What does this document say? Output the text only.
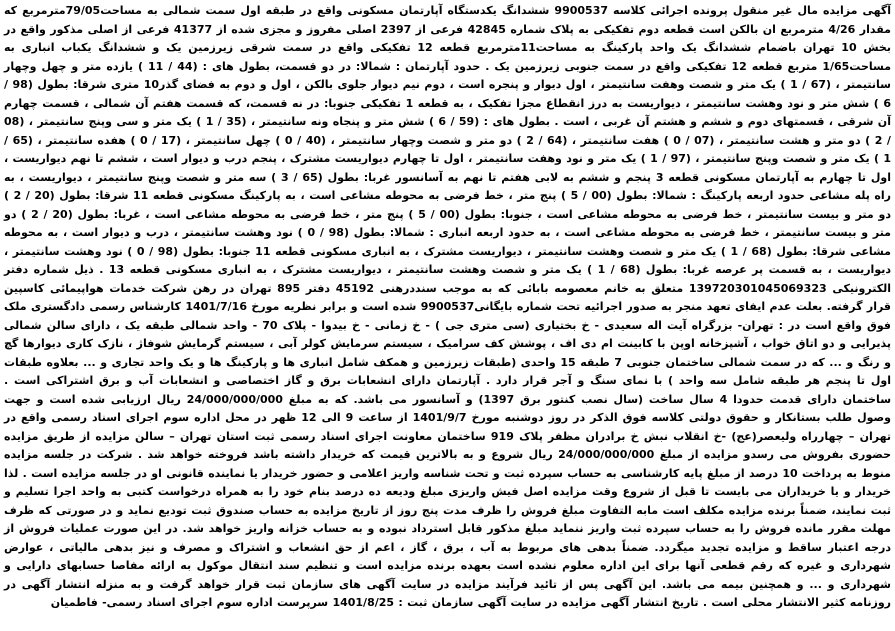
آگهی مزایده مال غیر منقول پرونده اجرائی کلاسه 9900537 ششدانگ یکدستگاه آپارتمان مسکونی واقع در طبقه اول سمت شمالی به مساحت79/05مترمربع که مقدار 4/26 مترمربع ان بالکن است قطعه دوم تفکیکی به پلاک شماره 42845 فرعی از 2397 اصلی مفروز و مجزی شده از 41377 فرعی از اصلی مذکور واقع در بخش 10 تهران باضمام ششدانگ یک واحد پارکینگ به مساحت11مترمربع قطعه 12 تفکیکی واقع در سمت شرقی زیرزمین یک و ششدانگ یکباب انباری به مساحت1/65 متربع قطعه 12 تفکیکی واقع در سمت جنوبی زیرزمین یک . حدود آپارتمان : شمالا: در دو قسمت، بطول های : (44 / 11 ) یازده متر و چهل وچهار سانتیمتر ، (67 / 1 ) یک متر و شصت وهفت سانتیمتر ، اول دیوار و پنجره است ، دوم نیم دیوار جلوی بالکن ، اول و دوم به فضای گذر10 متری شرقا: بطول (98 / 6 ) شش متر و نود وهشت سانتیمتر ، دیواریست به درز انقطاع مجزا تفکیک ، به قطعه 1 تفکیکی جنوبا: در نه قسمت، که قسمت هفتم آن شمالی ، قسمت چهارم آن شرقی ، قسمتهای دوم و ششم و هشتم آن غربی ، است . بطول های : (59 / 6 ) شش متر و پنجاه ونه سانتیمتر ، (35 / 1 ) یک متر و سی وپنج سانتیمتر ، (08 / 2 ) دو متر و هشت سانتیمتر ، (07 / 0 ) هفت سانتیمتر ، (64 / 2 ) دو متر و شصت وچهار سانتیمتر ، (40 / 0 ) چهل سانتیمتر ، (17 / 0 ) هفده سانتیمتر ، (65 / 1 ) یک متر و شصت وپنج سانتیمتر ، (97 / 1 ) یک متر و نود وهفت سانتیمتر ، اول تا چهارم دیواریست مشترک ، پنجم درب و دیوار است ، ششم تا نهم دیواریست ، اول تا چهارم به آپارتمان مسکونی قطعه 3 پنجم و ششم به لابی هفتم تا نهم به آسانسور غربا: بطول (65 / 3 ) سه متر و شصت وپنج سانتیمتر ، دیواریست ، به راه پله مشاعی حدود اربعه پارکینگ : شمالا: بطول (00 / 5 ) پنج متر ، خط فرضی به محوطه مشاعی است ، به پارکینگ مسکونی قطعه 11 شرقا: بطول (20 / 2 ) دو متر و بیست سانتیمتر ، خط فرضی به محوطه مشاعی است ، جنوبا: بطول (00 / 5 ) پنج متر ، خط فرضی به محوطه مشاعی است ، غربا: بطول (20 / 2 ) دو متر و بیست سانتیمتر ، خط فرضی به محوطه مشاعی است ، به حدود اربعه انباری : شمالا: بطول (98 / 0 ) نود وهشت سانتیمتر ، درب و دیوار است ، به محوطه مشاعی شرقا: بطول (68 / 1 ) یک متر و شصت وهشت سانتیمتر ، دیواریست مشترک ، به انباری مسکونی قطعه 11 جنوبا: بطول (98 / 0 ) نود وهشت سانتیمتر ، دیواریست ، به قسمت پر عرصه غربا: بطول (68 / 1 ) یک متر و شصت وهشت سانتیمتر ، دیواریست مشترک ، به انباری مسکونی قطعه 13 . ذیل شماره دفتر الکترونیکی 139720301045069323 متعلق به خانم معصومه بابائی که به موجب سنددرهنی 45192 دفتر 895 تهران در رهن شرکت خدمات هواپیمائی کاسپین قرار گرفته. بعلت عدم ایفای تعهد منجر به صدور اجرائیه تحت شماره بایگانی9900537 شده است و برابر نظریه مورخ 1401/7/16 کارشناس رسمی دادگستری ملک فوق واقع است در : تهران- بزرگراه آیت اله سعیدی - خ بختیاری (سی متری جی ) - خ زمانی - خ بیدوا - پلاک 70 - واحد شمالی طبقه یک ، دارای سالن شمالی پذیرایی و دو اتاق خواب ، آشپزخانه اوپن با کابینت ام دی اف ، پوشش کف سرامیک ، سیستم سرمایش کولر آبی ، سیستم گرمایش شوفاژ ، نازک کاری دیوارها گچ و رنگ و ... که در سمت شمالی ساختمان جنوبی 7 طبقه 15 واحدی (طبقات زیرزمین و همکف شامل انباری ها و پارکینگ ها و یک واحد تجاری و ... بعلاوه طبقات اول تا پنجم هر طبقه شامل سه واحد ) با نمای سنگ و آجر قرار دارد . آپارتمان دارای انشعابات برق و گاز اختصاصی و انشعابات آب و برق اشتراکی است . ساختمان دارای قدمت حدودا 4 سال ساخت (سال نصب کنتور برق 1397) و آسانسور می باشد. که به مبلغ 24/000/000/000 ریال ارزیابی شده است و جهت وصول طلب بستانکار و حقوق دولتی کلاسه فوق الذکر در روز دوشنبه مورخ 1401/9/7 از ساعت 9 الی 12 ظهر در محل اداره سوم اجرای اسناد رسمی واقع در تهران – چهارراه ولیعصر(عج) -خ انقلاب نبش خ برادران مظفر پلاک 919 ساختمان معاونت اجرای اسناد رسمی ثبت استان تهران – سالن مزایده از طریق مزایده حضوری بفروش می رسدو مزایده از مبلغ 24/000/000/000 ریال شروع و به بالاترین قیمت که خریدار داشته باشد فروخته خواهد شد . شرکت در جلسه مزایده منوط به پرداخت 10 درصد از مبلغ پایه کارشناسی به حساب سپرده ثبت و تحت شناسه واریز اعلامی و حضور خریدار یا نماینده قانونی او در جلسه مزایده است . لذا خریدار و یا خریداران می بایست تا قبل از شروع وقت مزایده اصل فیش واریزی مبلغ ودیعه ده درصد بنام خود را به همراه درخواست کتبی به واحد اجرا تسلیم و ثبت نمایند، ضمناً برنده مزایده مکلف است مابه التفاوت مبلغ فروش را ظرف مدت پنج روز از تاریخ مزایده به حساب صندوق ثبت تودیع نماید و در صورتی که ظرف مهلت مقرر مانده فروش را به حساب سپرده ثبت واریز ننماید مبلغ مذکور قابل استرداد نبوده و به حساب خزانه واریز خواهد شد. در این صورت عملیات فروش از درجه اعتبار ساقط و مزایده تجدید میگردد. ضمناً بدهی های مربوط به آب ، برق ، گاز ، اعم از حق انشعاب و اشتراک و مصرف و نیز بدهی مالیاتی ، عوارض شهرداری و غیره که رقم قطعی آنها برای این اداره معلوم نشده است بعهده برنده مزایده است و تنظیم سند انتقال موکول به ارائه مفاصا حسابهای دارایی و شهرداری و ... و همچنین بیمه می باشد. این آگهی پس از تائید فرآیند مزایده در سایت آگهی های سازمان ثبت قرار خواهد گرفت و به منزله انتشار آگهی در روزنامه کثیر الانتشار محلی است . تاریخ انتشار آگهی مزایده در سایت آگهی سازمان ثبت : 1401/8/25 سرپرست اداره سوم اجرای اسناد رسمی- فاطمیان
